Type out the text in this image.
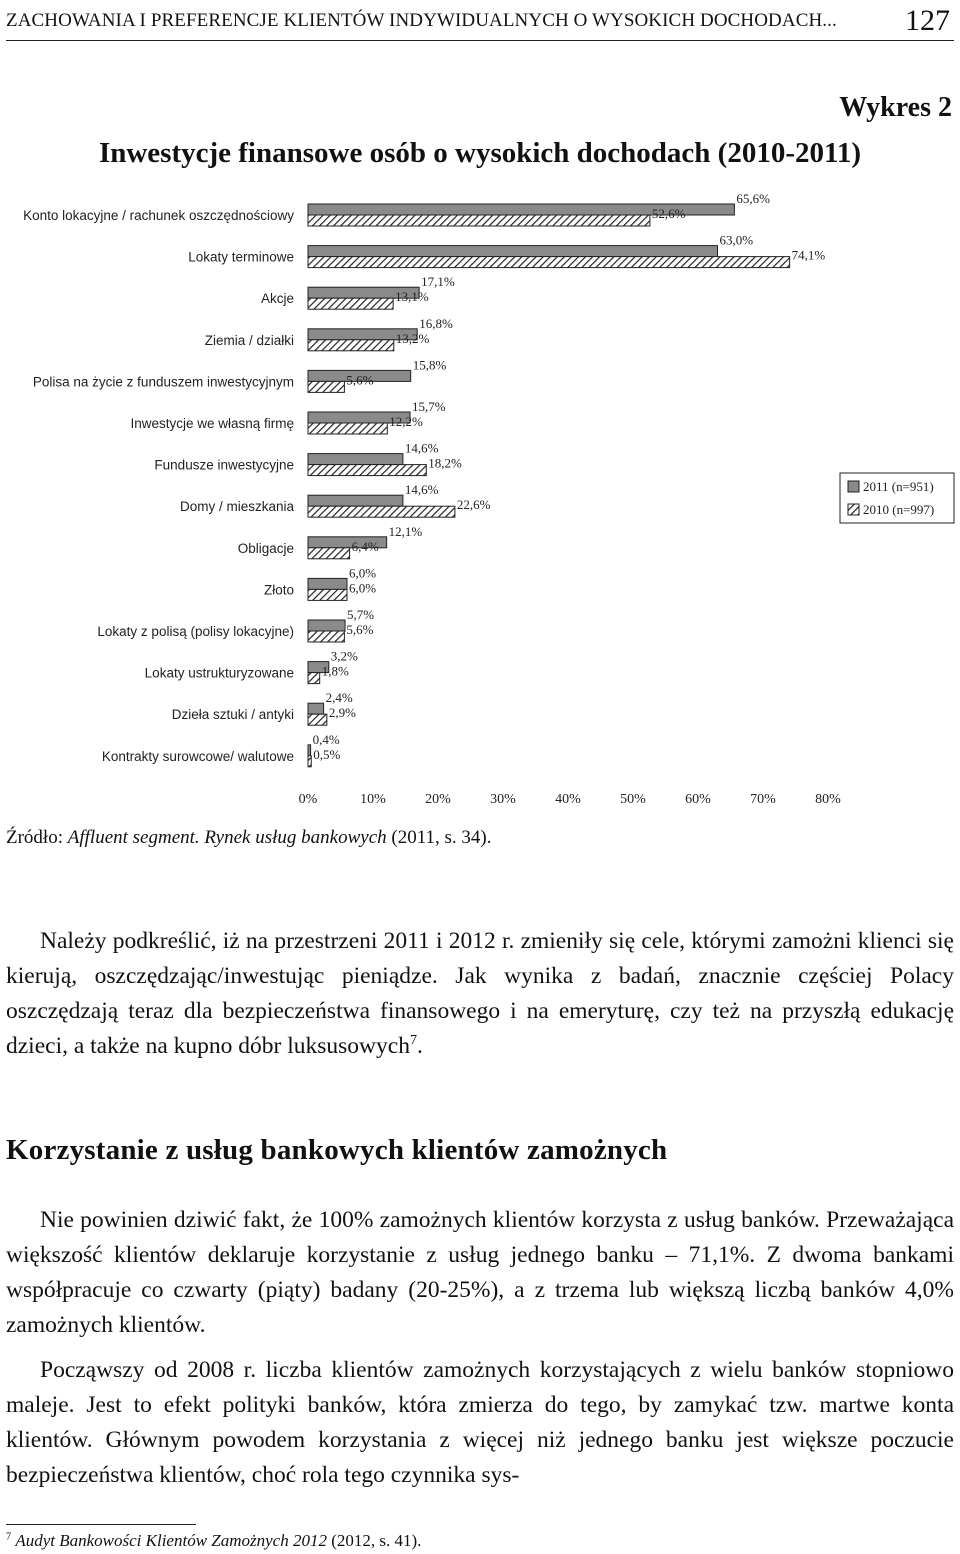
ZACHOWANIA I PREFERENCJE KLIENTÓW INDYWIDUALNYCH O WYSOKICH DOCHODACH... 127
Wykres 2
Inwestycje finansowe osób o wysokich dochodach (2010-2011)
Konto lokacyjne / rachunek oszczędnościowy
Lokaty terminowe
Akcje
Ziemia / działki
Polisa na życie z funduszem inwestycyjnym
Inwestycje we własną firmę
Fundusze inwestycyjne
Domy / mieszkania
Obligacje
Złoto
Lokaty z polisą (polisy lokacyjne)
Lokaty ustrukturyzowane
Dzieła sztuki / antyki
Kontrakty surowcowe/ walutowe
65,6%
52,6%
63,0%
74,1%
17,1%
13,1%
16,8%
13,2%
15,8%
5,6%
15,7%
12,2%
14,6%
18,2%
14,6%
22,6%
12,1%
6,4%
6,0%
6,0%
5,7%
5,6%
3,2%
1,8%
2,4%
2,9%
0,4%
0,5%
0%	10%	20%	30%	40%	50%	60%	70%	80%
2011 (n=951)
2010 (n=997)
Źródło: Affluent segment. Rynek usług bankowych (2011, s. 34).

Należy podkreślić, iż na przestrzeni 2011 i 2012 r. zmieniły się cele, którymi zamożni klienci się kierują, oszczędzając/inwestując pieniądze. Jak wynika z badań, znacznie częściej Polacy oszczędzają teraz dla bezpieczeństwa finansowego i na emeryturę, czy też na przyszłą edukację dzieci, a także na kupno dóbr luksusowych$^7$.

Korzystanie z usług bankowych klientów zamożnych

Nie powinien dziwić fakt, że 100% zamożnych klientów korzysta z usług banków. Przeważająca większość klientów deklaruje korzystanie z usług jednego banku – 71,1%. Z dwoma bankami współpracuje co czwarty (piąty) badany (20-25%), a z trzema lub większą liczbą banków 4,0% zamożnych klientów.

Począwszy od 2008 r. liczba klientów zamożnych korzystających z wielu banków stopniowo maleje. Jest to efekt polityki banków, która zmierza do tego, by zamykać tzw. martwe konta klientów. Głównym powodem korzystania z więcej niż jednego banku jest większe poczucie bezpieczeństwa klientów, choć rola tego czynnika sys-

$^7$ Audyt Bankowości Klientów Zamożnych 2012 (2012, s. 41).
